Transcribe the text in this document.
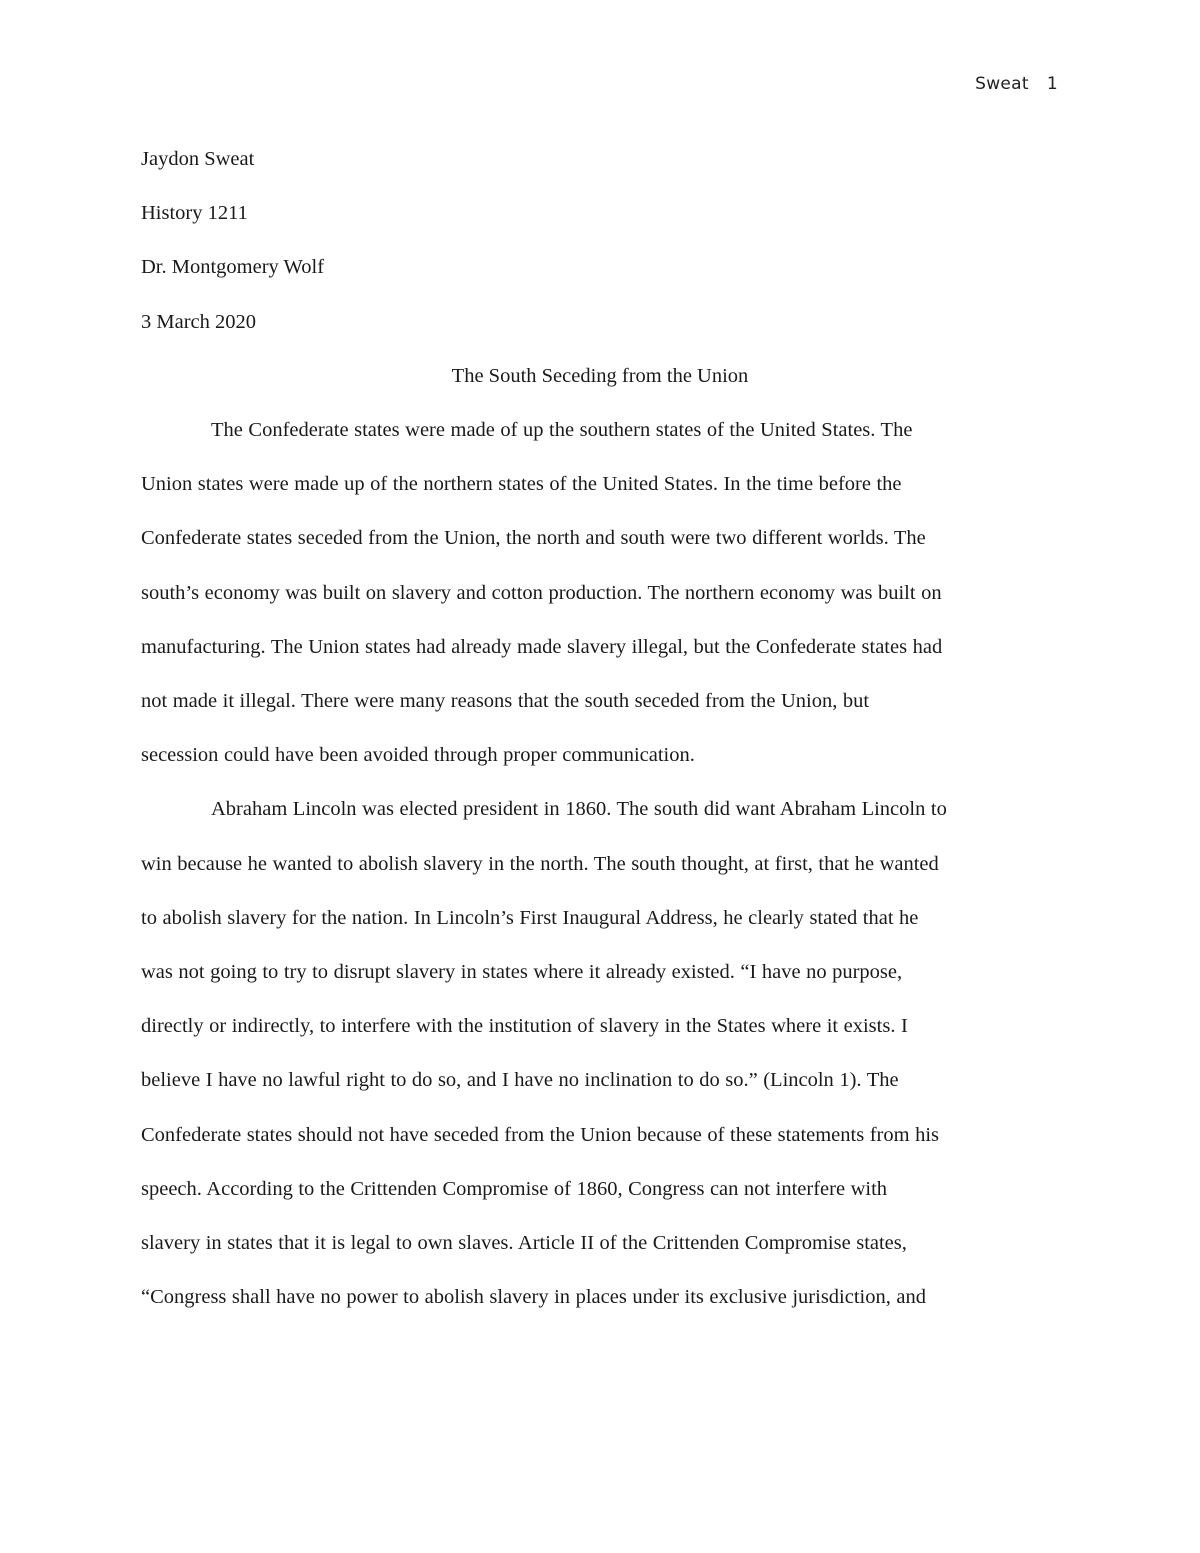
Sweat 1

Jaydon Sweat

History 1211

Dr. Montgomery Wolf

3 March 2020

The South Seceding from the Union

The Confederate states were made of up the southern states of the United States. The
Union states were made up of the northern states of the United States. In the time before the
Confederate states seceded from the Union, the north and south were two different worlds. The
south’s economy was built on slavery and cotton production. The northern economy was built on
manufacturing. The Union states had already made slavery illegal, but the Confederate states had
not made it illegal. There were many reasons that the south seceded from the Union, but
secession could have been avoided through proper communication.

Abraham Lincoln was elected president in 1860. The south did want Abraham Lincoln to
win because he wanted to abolish slavery in the north. The south thought, at first, that he wanted
to abolish slavery for the nation. In Lincoln’s First Inaugural Address, he clearly stated that he
was not going to try to disrupt slavery in states where it already existed. “I have no purpose,
directly or indirectly, to interfere with the institution of slavery in the States where it exists. I
believe I have no lawful right to do so, and I have no inclination to do so.” (Lincoln 1). The
Confederate states should not have seceded from the Union because of these statements from his
speech. According to the Crittenden Compromise of 1860, Congress can not interfere with
slavery in states that it is legal to own slaves. Article II of the Crittenden Compromise states,
“Congress shall have no power to abolish slavery in places under its exclusive jurisdiction, and
